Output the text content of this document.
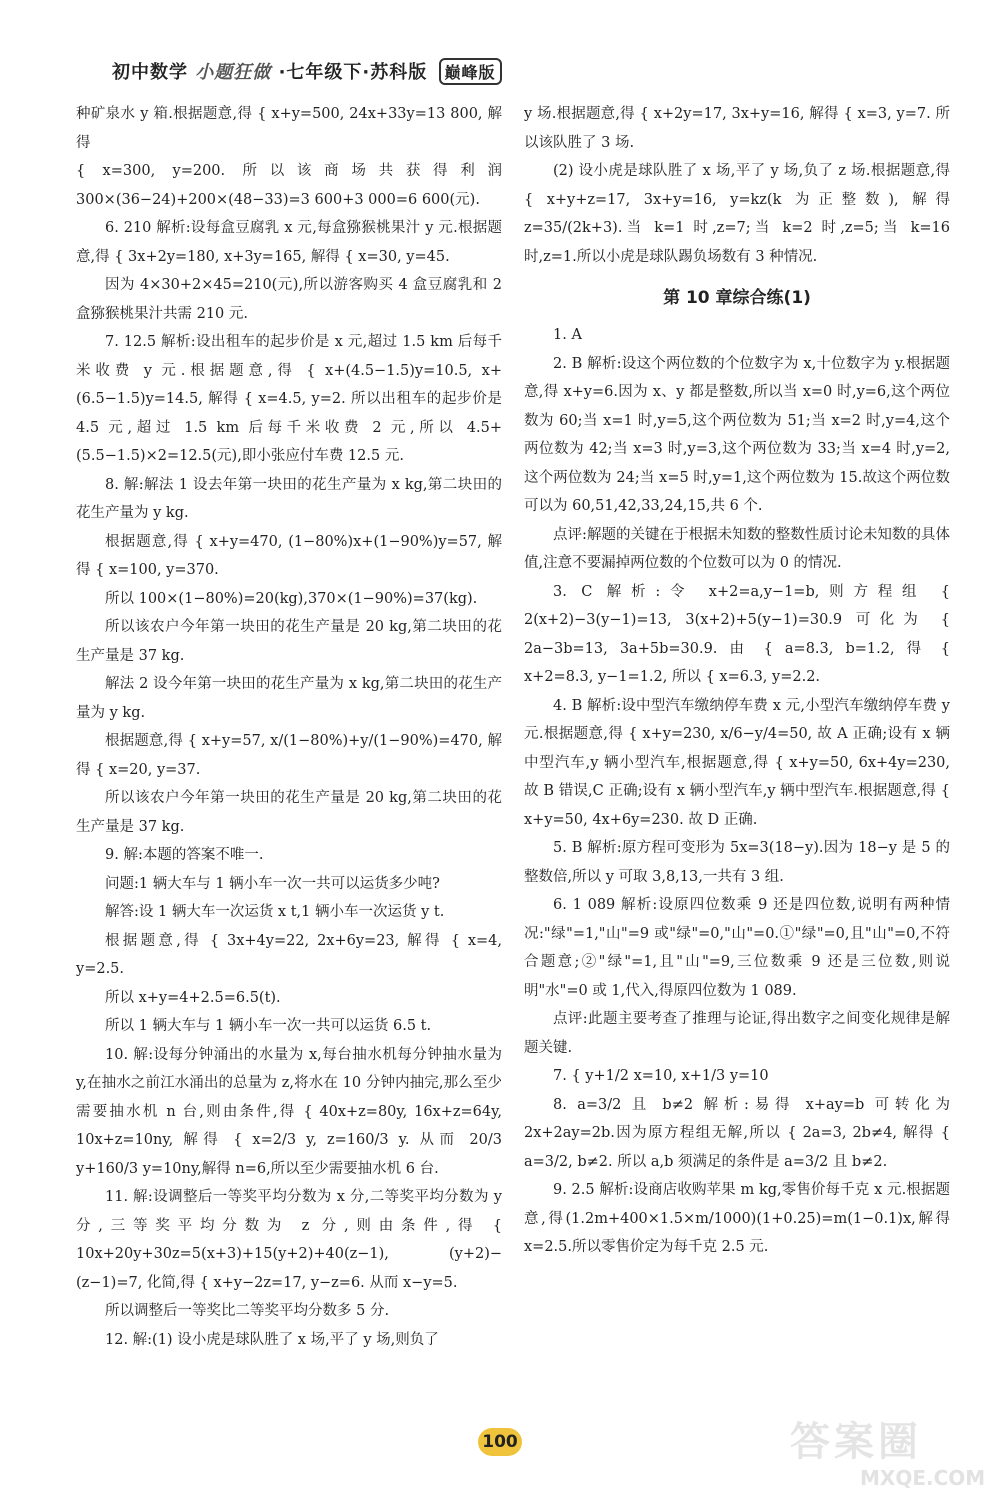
初中数学 小题狂做 ·七年级下·苏科版 巅峰版

种矿泉水 y 箱.根据题意,得 { x+y=500, 24x+33y=13 800, 解得

{ x=300, y=200. 所以该商场共获得利润 300×(36−24)+200×(48−33)=3 600+3 000=6 600(元).

6. 210 解析:设每盒豆腐乳 x 元,每盒猕猴桃果汁 y 元.根据题意,得 { 3x+2y=180, x+3y=165, 解得 { x=30, y=45.

因为 4×30+2×45=210(元),所以游客购买 4 盒豆腐乳和 2 盒猕猴桃果汁共需 210 元.

7. 12.5 解析:设出租车的起步价是 x 元,超过 1.5 km 后每千米收费 y 元.根据题意,得 { x+(4.5−1.5)y=10.5, x+(6.5−1.5)y=14.5, 解得 { x=4.5, y=2. 所以出租车的起步价是 4.5 元,超过 1.5 km 后每千米收费 2 元,所以 4.5+(5.5−1.5)×2=12.5(元),即小张应付车费 12.5 元.

8. 解:解法 1 设去年第一块田的花生产量为 x kg,第二块田的花生产量为 y kg.

根据题意,得 { x+y=470, (1−80%)x+(1−90%)y=57, 解得 { x=100, y=370.

所以 100×(1−80%)=20(kg),370×(1−90%)=37(kg).

所以该农户今年第一块田的花生产量是 20 kg,第二块田的花生产量是 37 kg.

解法 2 设今年第一块田的花生产量为 x kg,第二块田的花生产量为 y kg.

根据题意,得 { x+y=57, x/(1−80%)+y/(1−90%)=470, 解得 { x=20, y=37.

所以该农户今年第一块田的花生产量是 20 kg,第二块田的花生产量是 37 kg.

9. 解:本题的答案不唯一.

问题:1 辆大车与 1 辆小车一次一共可以运货多少吨?

解答:设 1 辆大车一次运货 x t,1 辆小车一次运货 y t.

根据题意,得 { 3x+4y=22, 2x+6y=23, 解得 { x=4, y=2.5.

所以 x+y=4+2.5=6.5(t).

所以 1 辆大车与 1 辆小车一次一共可以运货 6.5 t.

10. 解:设每分钟涌出的水量为 x,每台抽水机每分钟抽水量为 y,在抽水之前江水涌出的总量为 z,将水在 10 分钟内抽完,那么至少需要抽水机 n 台,则由条件,得 { 40x+z=80y, 16x+z=64y, 10x+z=10ny, 解得 { x=2/3 y, z=160/3 y. 从而 20/3 y+160/3 y=10ny,解得 n=6,所以至少需要抽水机 6 台.

11. 解:设调整后一等奖平均分数为 x 分,二等奖平均分数为 y 分,三等奖平均分数为 z 分,则由条件,得 { 10x+20y+30z=5(x+3)+15(y+2)+40(z−1), (y+2)−(z−1)=7, 化简,得 { x+y−2z=17, y−z=6. 从而 x−y=5.

所以调整后一等奖比二等奖平均分数多 5 分.

12. 解:(1) 设小虎是球队胜了 x 场,平了 y 场,则负了

y 场.根据题意,得 { x+2y=17, 3x+y=16, 解得 { x=3, y=7. 所以该队胜了 3 场.

(2) 设小虎是球队胜了 x 场,平了 y 场,负了 z 场.根据题意,得 { x+y+z=17, 3x+y=16, y=kz(k 为正整数), 解得 z=35/(2k+3).当 k=1 时,z=7;当 k=2 时,z=5;当 k=16 时,z=1.所以小虎是球队踢负场数有 3 种情况.

第 10 章综合练(1)

1. A

2. B 解析:设这个两位数的个位数字为 x,十位数字为 y.根据题意,得 x+y=6.因为 x、y 都是整数,所以当 x=0 时,y=6,这个两位数为 60;当 x=1 时,y=5,这个两位数为 51;当 x=2 时,y=4,这个两位数为 42;当 x=3 时,y=3,这个两位数为 33;当 x=4 时,y=2,这个两位数为 24;当 x=5 时,y=1,这个两位数为 15.故这个两位数可以为 60,51,42,33,24,15,共 6 个.

点评:解题的关键在于根据未知数的整数性质讨论未知数的具体值,注意不要漏掉两位数的个位数可以为 0 的情况.

3. C 解析:令 x+2=a,y−1=b,则方程组 { 2(x+2)−3(y−1)=13, 3(x+2)+5(y−1)=30.9 可化为 { 2a−3b=13, 3a+5b=30.9. 由 { a=8.3, b=1.2, 得 { x+2=8.3, y−1=1.2, 所以 { x=6.3, y=2.2.

4. B 解析:设中型汽车缴纳停车费 x 元,小型汽车缴纳停车费 y 元.根据题意,得 { x+y=230, x/6−y/4=50, 故 A 正确;设有 x 辆中型汽车,y 辆小型汽车,根据题意,得 { x+y=50, 6x+4y=230, 故 B 错误,C 正确;设有 x 辆小型汽车,y 辆中型汽车.根据题意,得 { x+y=50, 4x+6y=230. 故 D 正确.

5. B 解析:原方程可变形为 5x=3(18−y).因为 18−y 是 5 的整数倍,所以 y 可取 3,8,13,一共有 3 组.

6. 1 089 解析:设原四位数乘 9 还是四位数,说明有两种情况:"绿"=1,"山"=9 或"绿"=0,"山"=0.①"绿"=0,且"山"=0,不符合题意;②"绿"=1,且"山"=9,三位数乘 9 还是三位数,则说明"水"=0 或 1,代入,得原四位数为 1 089.

点评:此题主要考查了推理与论证,得出数字之间变化规律是解题关键.

7. { y+1/2 x=10, x+1/3 y=10

8. a=3/2 且 b≠2 解析:易得 x+ay=b 可转化为 2x+2ay=2b.因为原方程组无解,所以 { 2a=3, 2b≠4, 解得 { a=3/2, b≠2. 所以 a,b 须满足的条件是 a=3/2 且 b≠2.

9. 2.5 解析:设商店收购苹果 m kg,零售价每千克 x 元.根据题意,得(1.2m+400×1.5×m/1000)(1+0.25)=m(1−0.1)x,解得 x=2.5.所以零售价定为每千克 2.5 元.

100	答案圈
MXQE.COM
